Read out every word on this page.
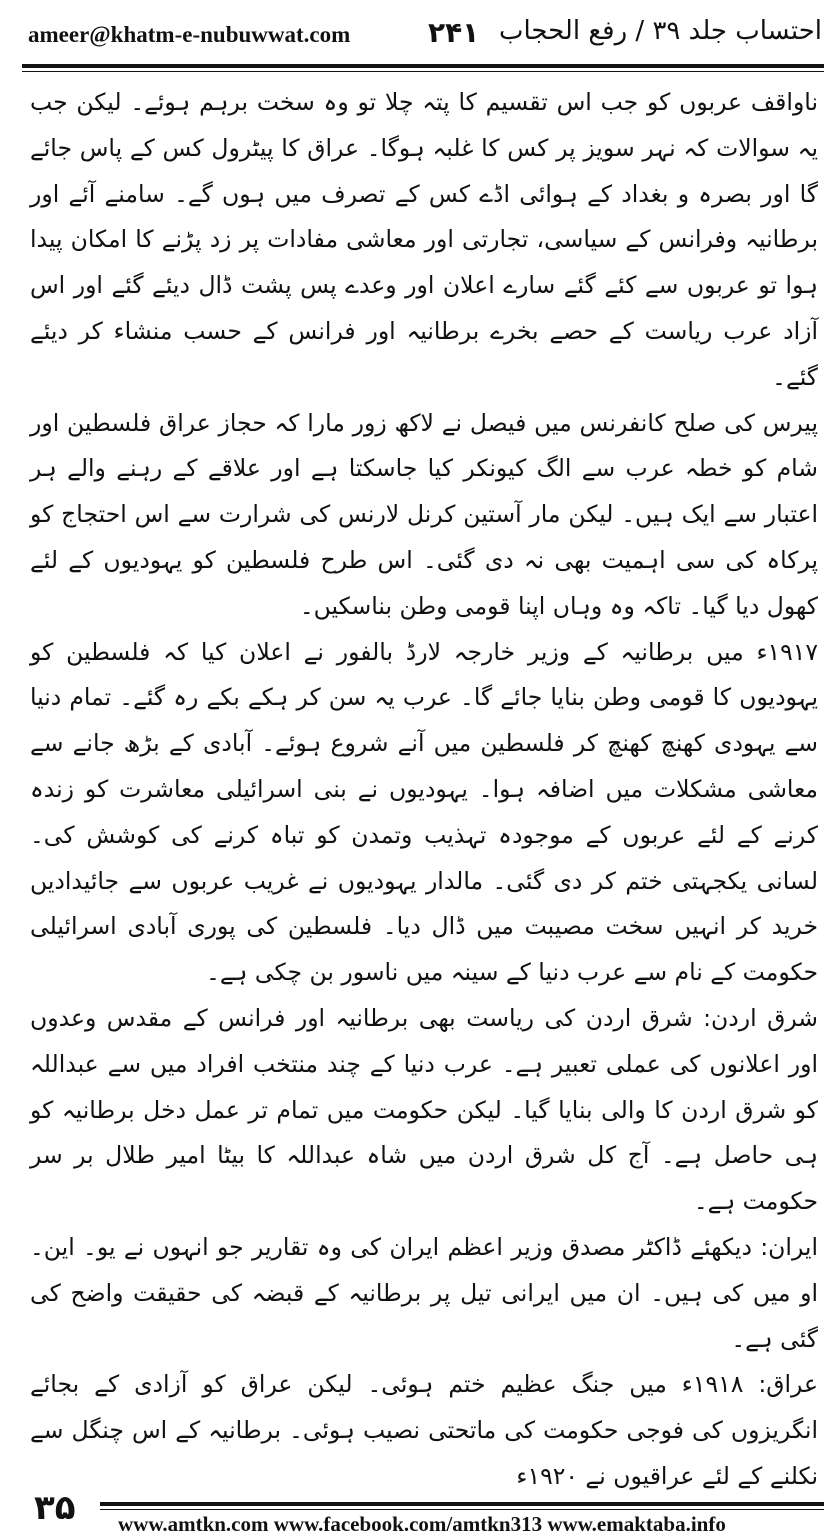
ameer@khatm-e-nubuwwat.com	۲۴۱ احتساب جلد ۳۹ / رفع الحجاب

ناواقف عربوں کو جب اس تقسیم کا پتہ چلا تو وہ سخت برہم ہوئے۔ لیکن جب یہ سوالات کہ نہر سویز پر کس کا غلبہ ہوگا۔ عراق کا پیٹرول کس کے پاس جائے گا اور بصرہ و بغداد کے ہوائی اڈے کس کے تصرف میں ہوں گے۔ سامنے آئے اور برطانیہ وفرانس کے سیاسی، تجارتی اور معاشی مفادات پر زد پڑنے کا امکان پیدا ہوا تو عربوں سے کئے گئے سارے اعلان اور وعدے پس پشت ڈال دیئے گئے اور اس آزاد عرب ریاست کے حصے بخرے برطانیہ اور فرانس کے حسب منشاء کر دیئے گئے۔

پیرس کی صلح کانفرنس میں فیصل نے لاکھ زور مارا کہ حجاز عراق فلسطین اور شام کو خطہ عرب سے الگ کیونکر کیا جاسکتا ہے اور علاقے کے رہنے والے ہر اعتبار سے ایک ہیں۔ لیکن مار آستین کرنل لارنس کی شرارت سے اس احتجاج کو پرکاہ کی سی اہمیت بھی نہ دی گئی۔ اس طرح فلسطین کو یہودیوں کے لئے کھول دیا گیا۔ تاکہ وہ وہاں اپنا قومی وطن بناسکیں۔

۱۹۱۷ء میں برطانیہ کے وزیر خارجہ لارڈ بالفور نے اعلان کیا کہ فلسطین کو یہودیوں کا قومی وطن بنایا جائے گا۔ عرب یہ سن کر ہکے بکے رہ گئے۔ تمام دنیا سے یہودی کھنچ کھنچ کر فلسطین میں آنے شروع ہوئے۔ آبادی کے بڑھ جانے سے معاشی مشکلات میں اضافہ ہوا۔ یہودیوں نے بنی اسرائیلی معاشرت کو زندہ کرنے کے لئے عربوں کے موجودہ تہذیب وتمدن کو تباہ کرنے کی کوشش کی۔ لسانی یکجہتی ختم کر دی گئی۔ مالدار یہودیوں نے غریب عربوں سے جائیدادیں خرید کر انہیں سخت مصیبت میں ڈال دیا۔ فلسطین کی پوری آبادی اسرائیلی حکومت کے نام سے عرب دنیا کے سینہ میں ناسور بن چکی ہے۔

شرق اردن: شرق اردن کی ریاست بھی برطانیہ اور فرانس کے مقدس وعدوں اور اعلانوں کی عملی تعبیر ہے۔ عرب دنیا کے چند منتخب افراد میں سے عبداللہ کو شرق اردن کا والی بنایا گیا۔ لیکن حکومت میں تمام تر عمل دخل برطانیہ کو ہی حاصل ہے۔ آج کل شرق اردن میں شاہ عبداللہ کا بیٹا امیر طلال بر سر حکومت ہے۔

ایران: دیکھئے ڈاکٹر مصدق وزیر اعظم ایران کی وہ تقاریر جو انہوں نے یو۔ این۔ او میں کی ہیں۔ ان میں ایرانی تیل پر برطانیہ کے قبضہ کی حقیقت واضح کی گئی ہے۔

عراق: ۱۹۱۸ء میں جنگ عظیم ختم ہوئی۔ لیکن عراق کو آزادی کے بجائے انگریزوں کی فوجی حکومت کی ماتحتی نصیب ہوئی۔ برطانیہ کے اس چنگل سے نکلنے کے لئے عراقیوں نے ۱۹۲۰ء

۳۵ www.amtkn.com www.facebook.com/amtkn313 www.emaktaba.info
